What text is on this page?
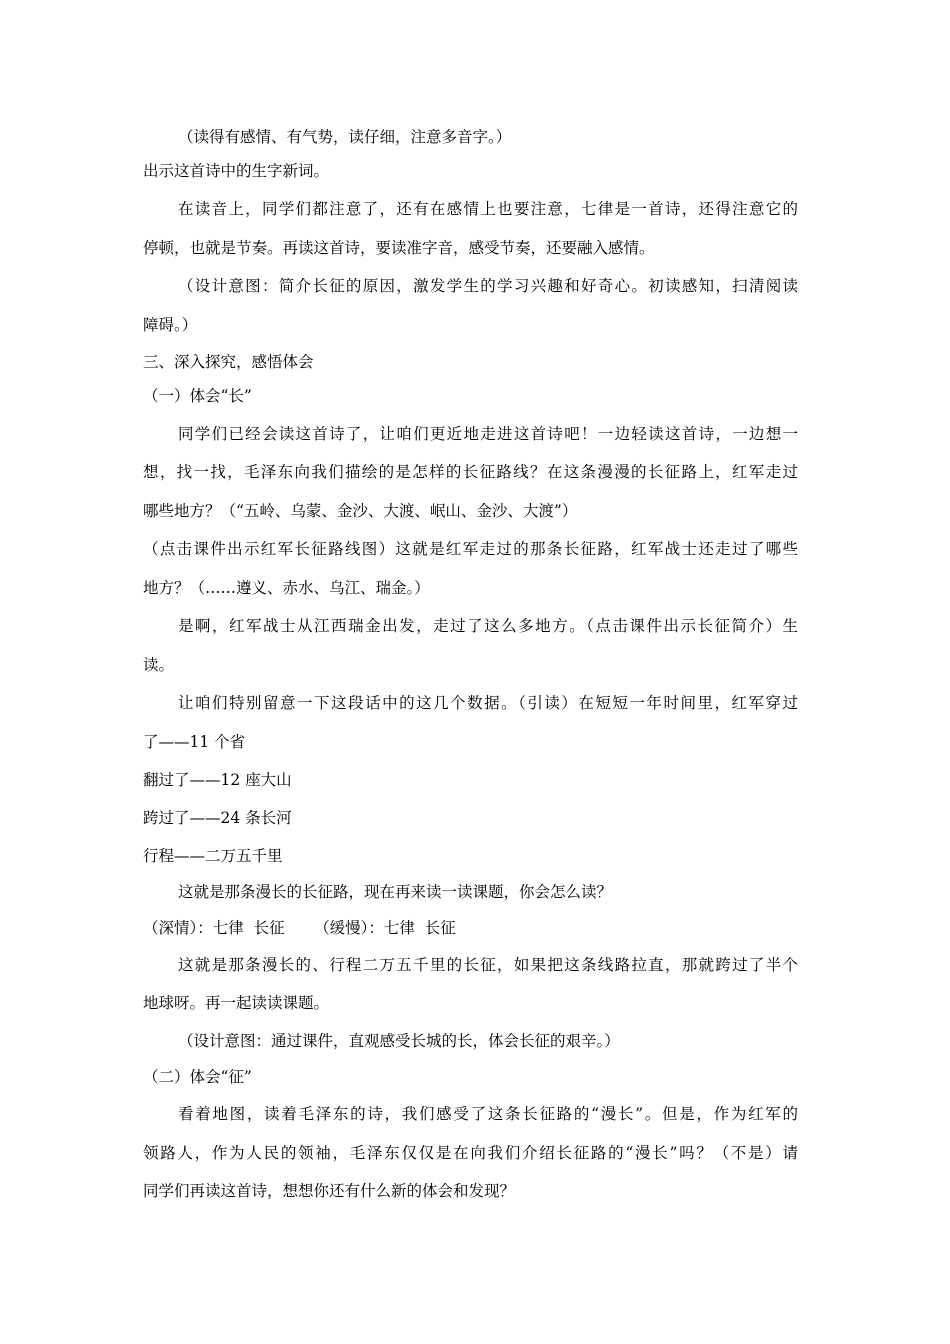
（读得有感情、有气势，读仔细，注意多音字。）
出示这首诗中的生字新词。
在读音上，同学们都注意了，还有在感情上也要注意，七律是一首诗，还得注意它的
停顿，也就是节奏。再读这首诗，要读准字音，感受节奏，还要融入感情。
（设计意图：简介长征的原因，激发学生的学习兴趣和好奇心。初读感知，扫清阅读
障碍。）
三、深入探究，感悟体会
（一）体会“长”
同学们已经会读这首诗了，让咱们更近地走进这首诗吧！一边轻读这首诗，一边想一
想，找一找，毛泽东向我们描绘的是怎样的长征路线？在这条漫漫的长征路上，红军走过
哪些地方？（“五岭、乌蒙、金沙、大渡、岷山、金沙、大渡”）
（点击课件出示红军长征路线图）这就是红军走过的那条长征路，红军战士还走过了哪些
地方？（……遵义、赤水、乌江、瑞金。）
是啊，红军战士从江西瑞金出发，走过了这么多地方。（点击课件出示长征简介）生
读。
让咱们特别留意一下这段话中的这几个数据。（引读）在短短一年时间里，红军穿过
了——11 个省
翻过了——12 座大山
跨过了——24 条长河
行程——二万五千里
这就是那条漫长的长征路，现在再来读一读课题，你会怎么读？
（深情）：七律  长征      （缓慢）：七律  长征
这就是那条漫长的、行程二万五千里的长征，如果把这条线路拉直，那就跨过了半个
地球呀。再一起读读课题。
（设计意图：通过课件，直观感受长城的长，体会长征的艰辛。）
（二）体会“征”
看着地图，读着毛泽东的诗，我们感受了这条长征路的“漫长”。但是，作为红军的
领路人，作为人民的领袖，毛泽东仅仅是在向我们介绍长征路的“漫长”吗？（不是）请
同学们再读这首诗，想想你还有什么新的体会和发现？
